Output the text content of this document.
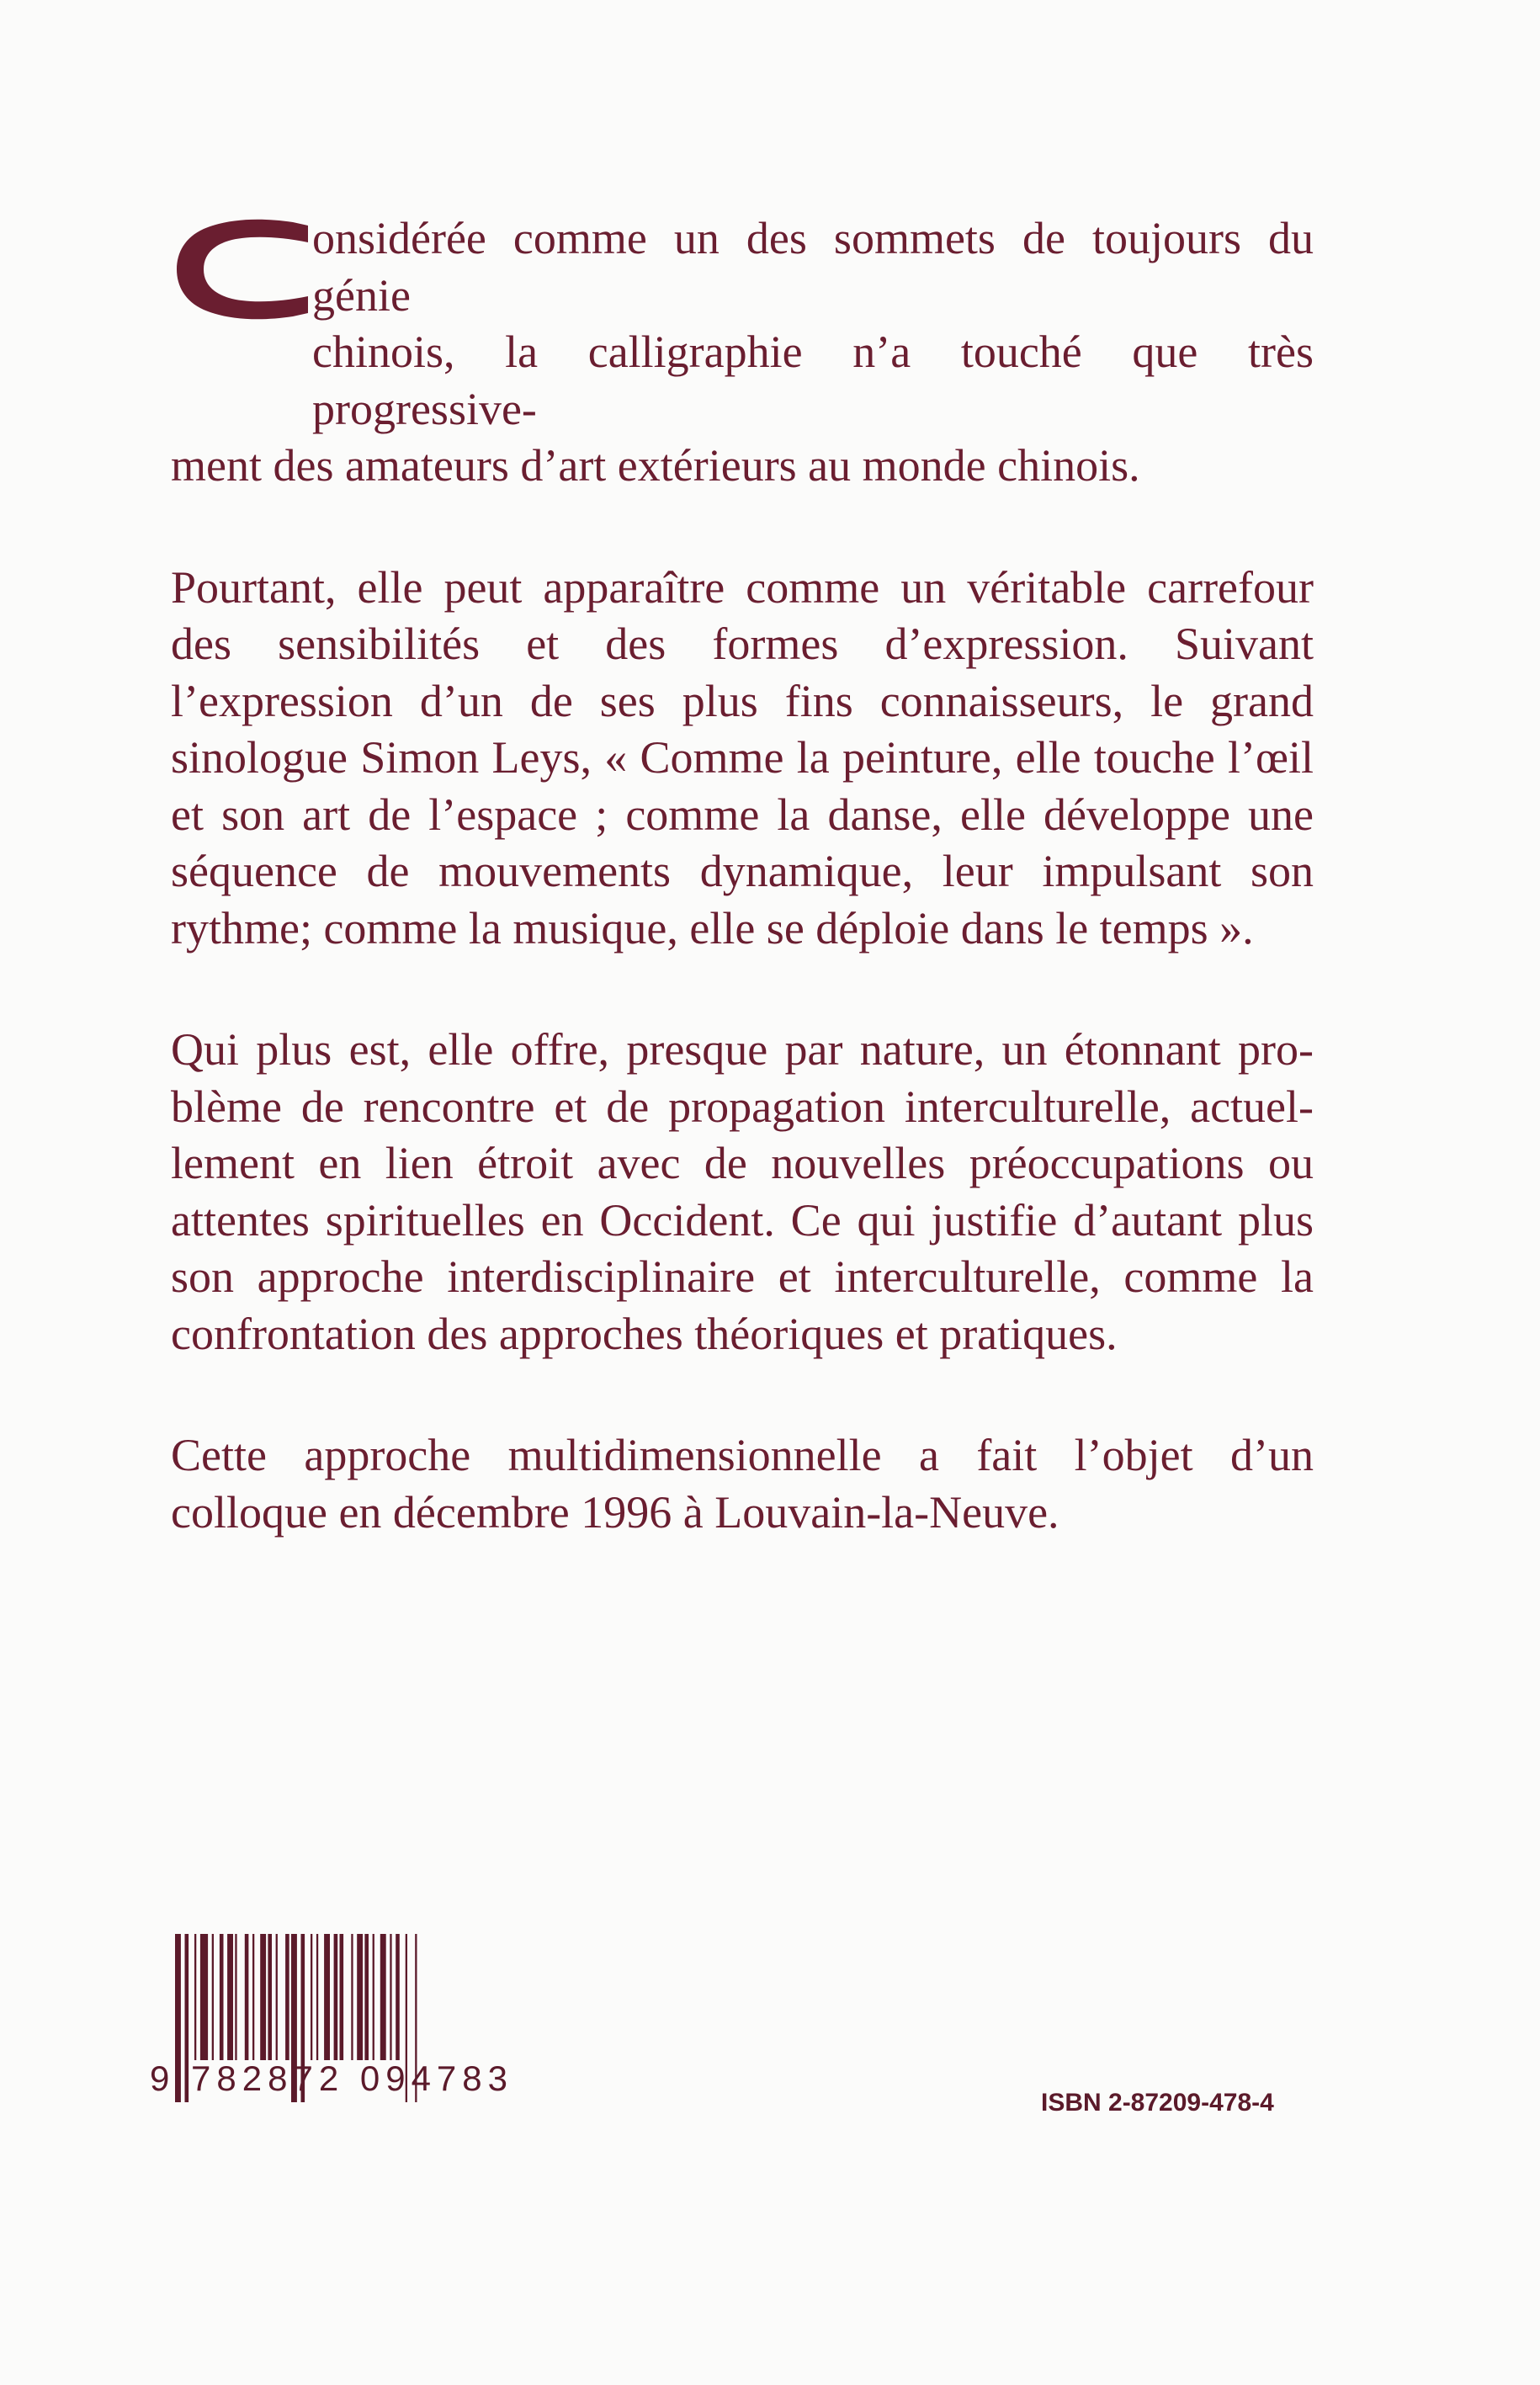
onsidérée comme un des sommets de toujours du génie
chinois, la calligraphie n’a touché que très progressive-
ment des amateurs d’art extérieurs au monde chinois.

Pourtant, elle peut apparaître comme un véritable carrefour des sensibilités et des formes d’expression. Suivant l’expression d’un de ses plus fins connaisseurs, le grand sinologue Simon Leys, « Comme la peinture, elle touche l’œil et son art de l’espace ; comme la danse, elle développe une séquence de mouvements dynamique, leur impulsant son rythme; comme la musique, elle se déploie dans le temps ».

Qui plus est, elle offre, presque par nature, un étonnant pro-blème de rencontre et de propagation interculturelle, actuel-lement en lien étroit avec de nouvelles préoccupations ou attentes spirituelles en Occident. Ce qui justifie d’autant plus son approche interdisciplinaire et interculturelle, comme la confrontation des approches théoriques et pratiques.

Cette approche multidimensionnelle a fait l’objet d’un colloque en décembre 1996 à Louvain-la-Neuve.

9 782872 094783
ISBN 2-87209-478-4
